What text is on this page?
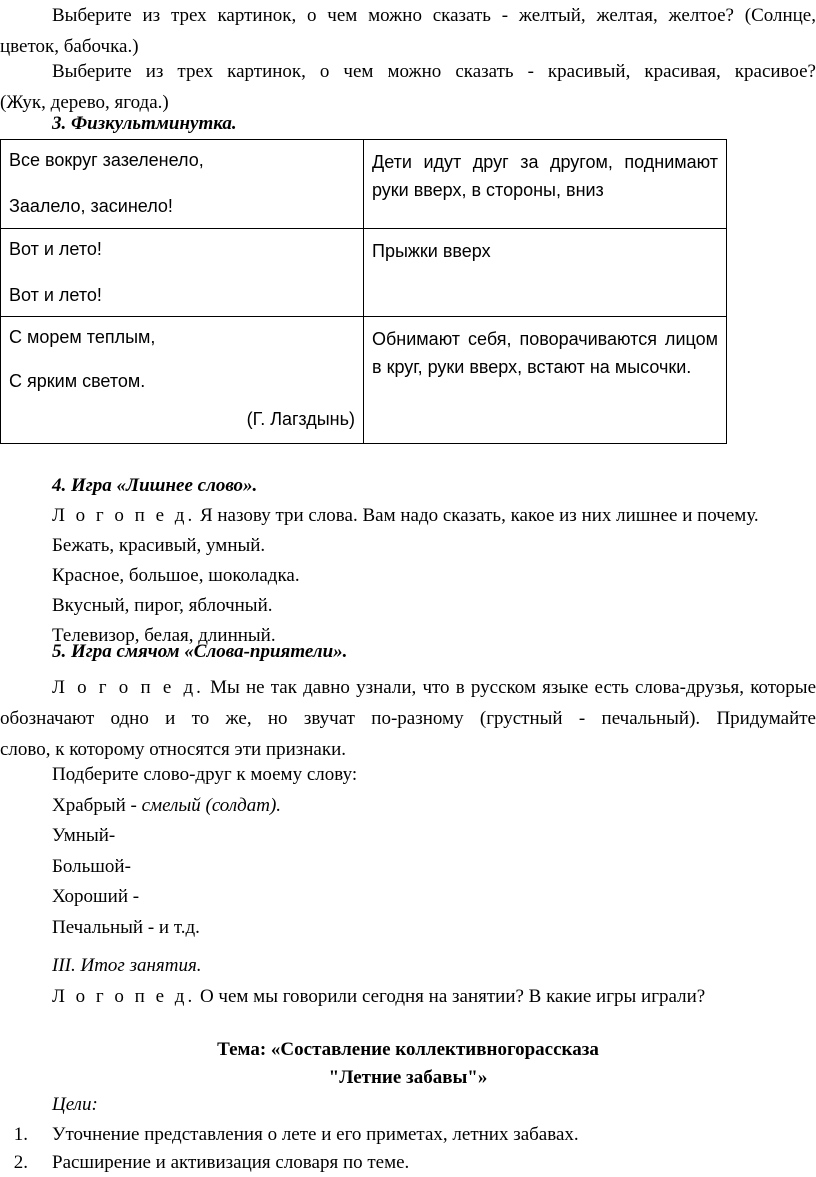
Выберите из трех картинок, о чем можно сказать - желтый, желтая, желтое? (Солнце,

цветок, бабочка.)

Выберите из трех картинок, о чем можно сказать - красивый, красивая, красивое?

(Жук, дерево, ягода.)

3. Физкультминутка.

Все вокруг зазеленело,
Заалело, засинело!	Дети идут друг за другом, поднимают руки вверх, в стороны, вниз

Вот и лето!
Вот и лето!	Прыжки вверх

С морем теплым,
С ярким светом.
(Г. Лагздынь)	Обнимают себя, поворачиваются лицом в круг, руки вверх, встают на мысочки.

4. Игра «Лишнее слово».

Л о г о п е д. Я назову три слова. Вам надо сказать, какое из них лишнее и почему.

Бежать, красивый, умный.

Красное, большое, шоколадка.

Вкусный, пирог, яблочный.

Телевизор, белая, длинный.

5. Игра смячом «Слова-приятели».

Л о г о п е д. Мы не так давно узнали, что в русском языке есть слова-друзья, которые

обозначают одно и то же, но звучат по-разному (грустный - печальный). Придумайте

слово, к которому относятся эти признаки.

Подберите слово-друг к моему слову:

Храбрый - смелый (солдат).

Умный-

Большой-

Хороший -

Печальный - и т.д.

III. Итог занятия.

Л о г о п е д. О чем мы говорили сегодня на занятии? В какие игры играли?

Тема: «Составление коллективногорассказа

"Летние забавы"»

Цели:

1. Уточнение представления о лете и его приметах, летних забавах.

2. Расширение и активизация словаря по теме.
